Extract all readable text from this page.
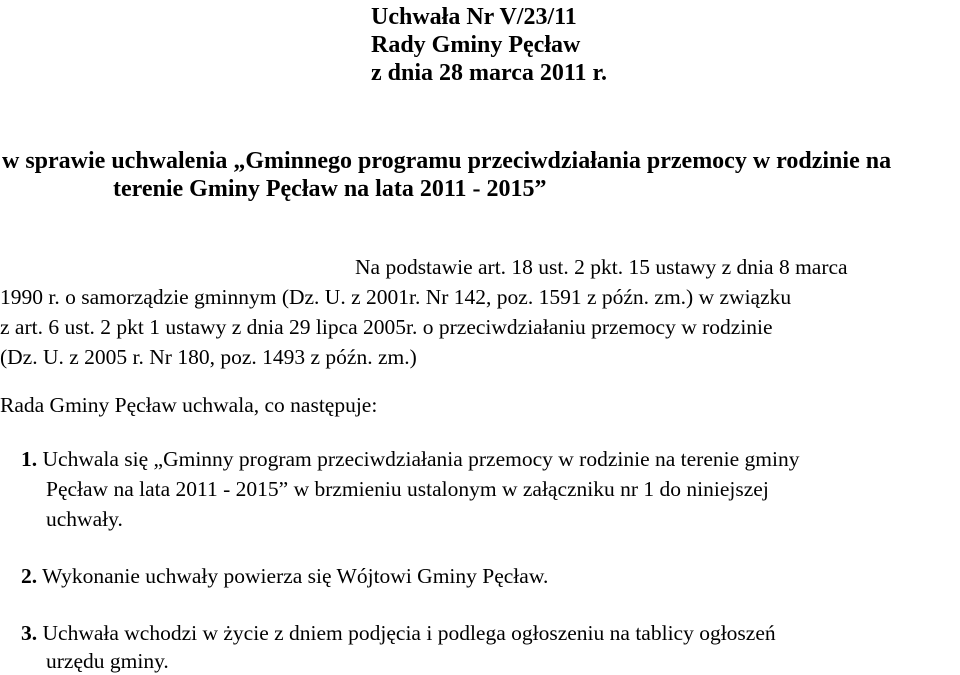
Uchwała Nr V/23/11
Rady Gminy Pęcław
z dnia 28 marca 2011 r.
w sprawie uchwalenia „Gminnego programu przeciwdziałania przemocy w rodzinie na
terenie Gminy Pęcław na lata 2011 - 2015”
Na podstawie art. 18 ust. 2 pkt. 15 ustawy z dnia 8 marca
1990 r. o samorządzie gminnym (Dz. U. z 2001r. Nr 142, poz. 1591 z późn. zm.) w związku
z art. 6 ust. 2 pkt 1 ustawy z dnia 29 lipca 2005r. o przeciwdziałaniu przemocy w rodzinie
(Dz. U. z 2005 r. Nr 180, poz. 1493 z późn. zm.)
Rada Gminy Pęcław uchwala, co następuje:
1. Uchwala się „Gminny program przeciwdziałania przemocy w rodzinie na terenie gminy
Pęcław na lata 2011 - 2015” w brzmieniu ustalonym w załączniku nr 1 do niniejszej
uchwały.
2. Wykonanie uchwały powierza się Wójtowi Gminy Pęcław.
3. Uchwała wchodzi w życie z dniem podjęcia i podlega ogłoszeniu na tablicy ogłoszeń
urzędu gminy.
